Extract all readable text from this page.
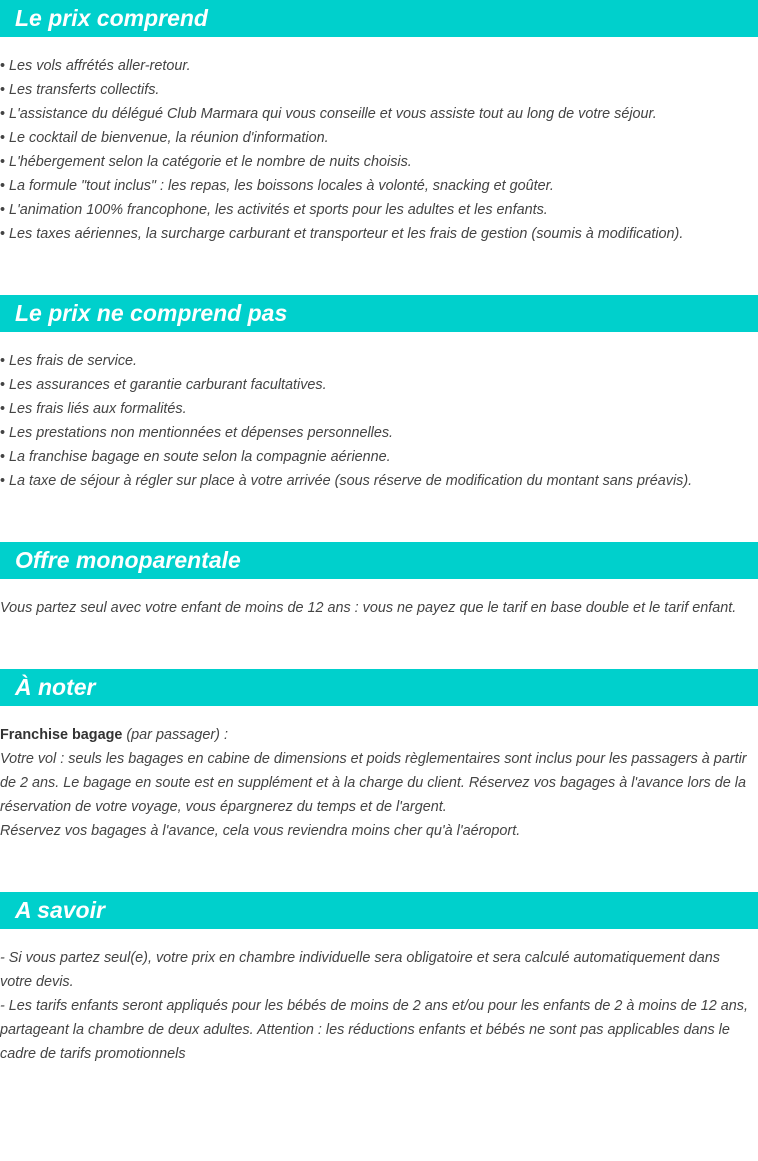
Le prix comprend
• Les vols affrétés aller-retour.
• Les transferts collectifs.
• L'assistance du délégué Club Marmara qui vous conseille et vous assiste tout au long de votre séjour.
• Le cocktail de bienvenue, la réunion d'information.
• L'hébergement selon la catégorie et le nombre de nuits choisis.
• La formule "tout inclus" : les repas, les boissons locales à volonté, snacking et goûter.
• L'animation 100% francophone, les activités et sports pour les adultes et les enfants.
• Les taxes aériennes, la surcharge carburant et transporteur et les frais de gestion (soumis à modification).
Le prix ne comprend pas
• Les frais de service.
• Les assurances et garantie carburant facultatives.
• Les frais liés aux formalités.
• Les prestations non mentionnées et dépenses personnelles.
• La franchise bagage en soute selon la compagnie aérienne.
• La taxe de séjour à régler sur place à votre arrivée (sous réserve de modification du montant sans préavis).
Offre monoparentale

Vous partez seul avec votre enfant de moins de 12 ans : vous ne payez que le tarif en base double et le tarif enfant.

À noter

Franchise bagage (par passager) :

Votre vol : seuls les bagages en cabine de dimensions et poids règlementaires sont inclus pour les passagers à partir de 2 ans. Le bagage en soute est en supplément et à la charge du client. Réservez vos bagages à l'avance lors de la réservation de votre voyage, vous épargnerez du temps et de l'argent.

Réservez vos bagages à l'avance, cela vous reviendra moins cher qu'à l'aéroport.

A savoir

- Si vous partez seul(e), votre prix en chambre individuelle sera obligatoire et sera calculé automatiquement dans votre devis.

- Les tarifs enfants seront appliqués pour les bébés de moins de 2 ans et/ou pour les enfants de 2 à moins de 12 ans, partageant la chambre de deux adultes. Attention : les réductions enfants et bébés ne sont pas applicables dans le cadre de tarifs promotionnels
